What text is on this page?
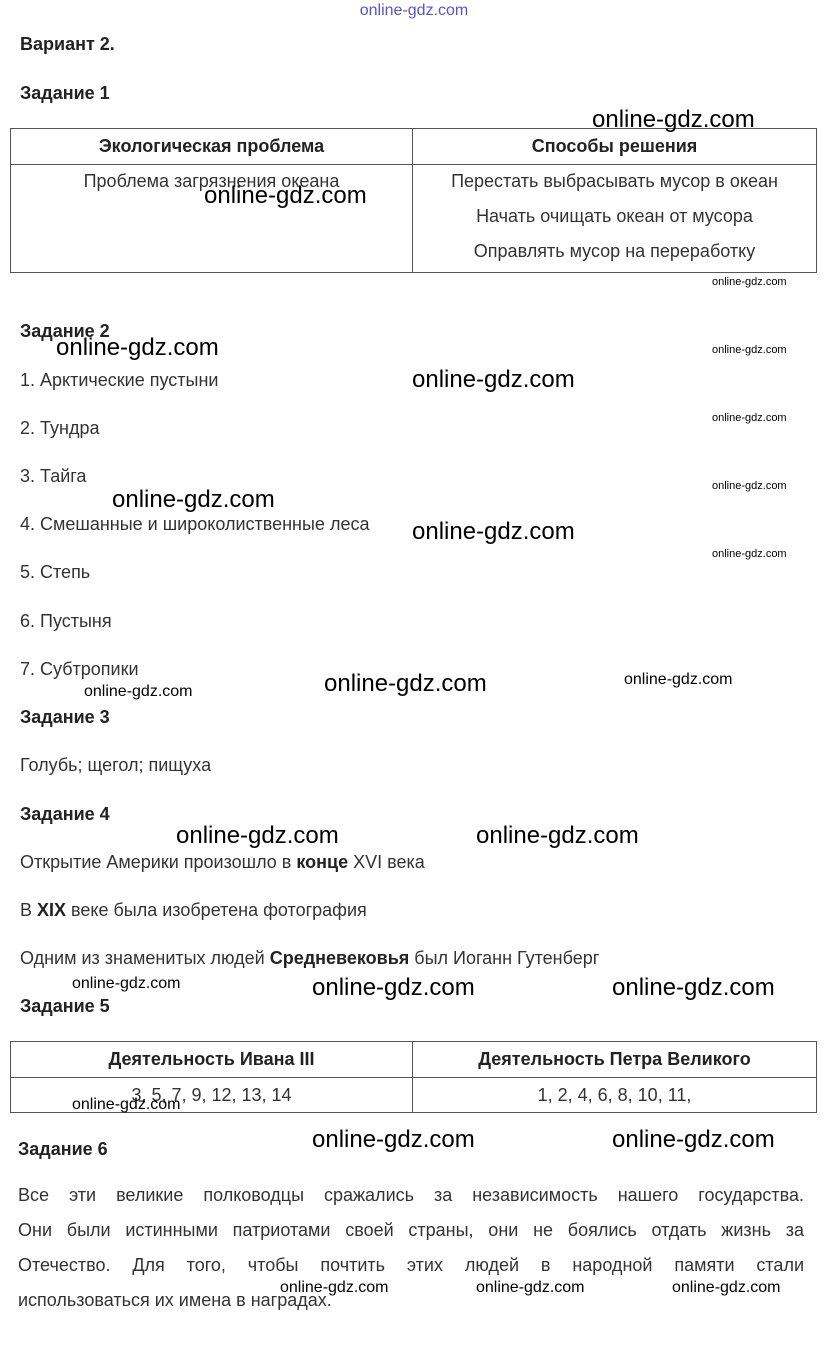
online-gdz.com
Вариант 2.
Задание 1
Экологическая проблема	Способы решения

Проблема загрязнения океана	Перестать выбрасывать мусор в океан
Начать очищать океан от мусора
Оправлять мусор на переработку
Задание 2
1. Арктические пустыни
2. Тундра
3. Тайга
4. Смешанные и широколиственные леса
5. Степь
6. Пустыня
7. Субтропики
Задание 3
Голубь; щегол; пищуха
Задание 4
Открытие Америки произошло в конце XVI века
В XIX веке была изобретена фотография
Одним из знаменитых людей Средневековья был Иоганн Гутенберг
Задание 5
Деятельность Ивана III	Деятельность Петра Великого
3, 5, 7, 9, 12, 13, 14	1, 2, 4, 6, 8, 10, 11,
Задание 6
Все эти великие полководцы сражались за независимость нашего государства.
Они были истинными патриотами своей страны, они не боялись отдать жизнь за
Отечество. Для того, чтобы почтить этих людей в народной памяти стали
использоваться их имена в наградах.
online-gdz.com
online-gdz.com
online-gdz.com
online-gdz.com	online-gdz.com
online-gdz.com
online-gdz.com
online-gdz.com
online-gdz.com
online-gdz.com
online-gdz.com
online-gdz.com
online-gdz.com
online-gdz.com
online-gdz.com	online-gdz.com
online-gdz.com	online-gdz.com	online-gdz.com
online-gdz.com
online-gdz.com	online-gdz.com
online-gdz.com	online-gdz.com	online-gdz.com
